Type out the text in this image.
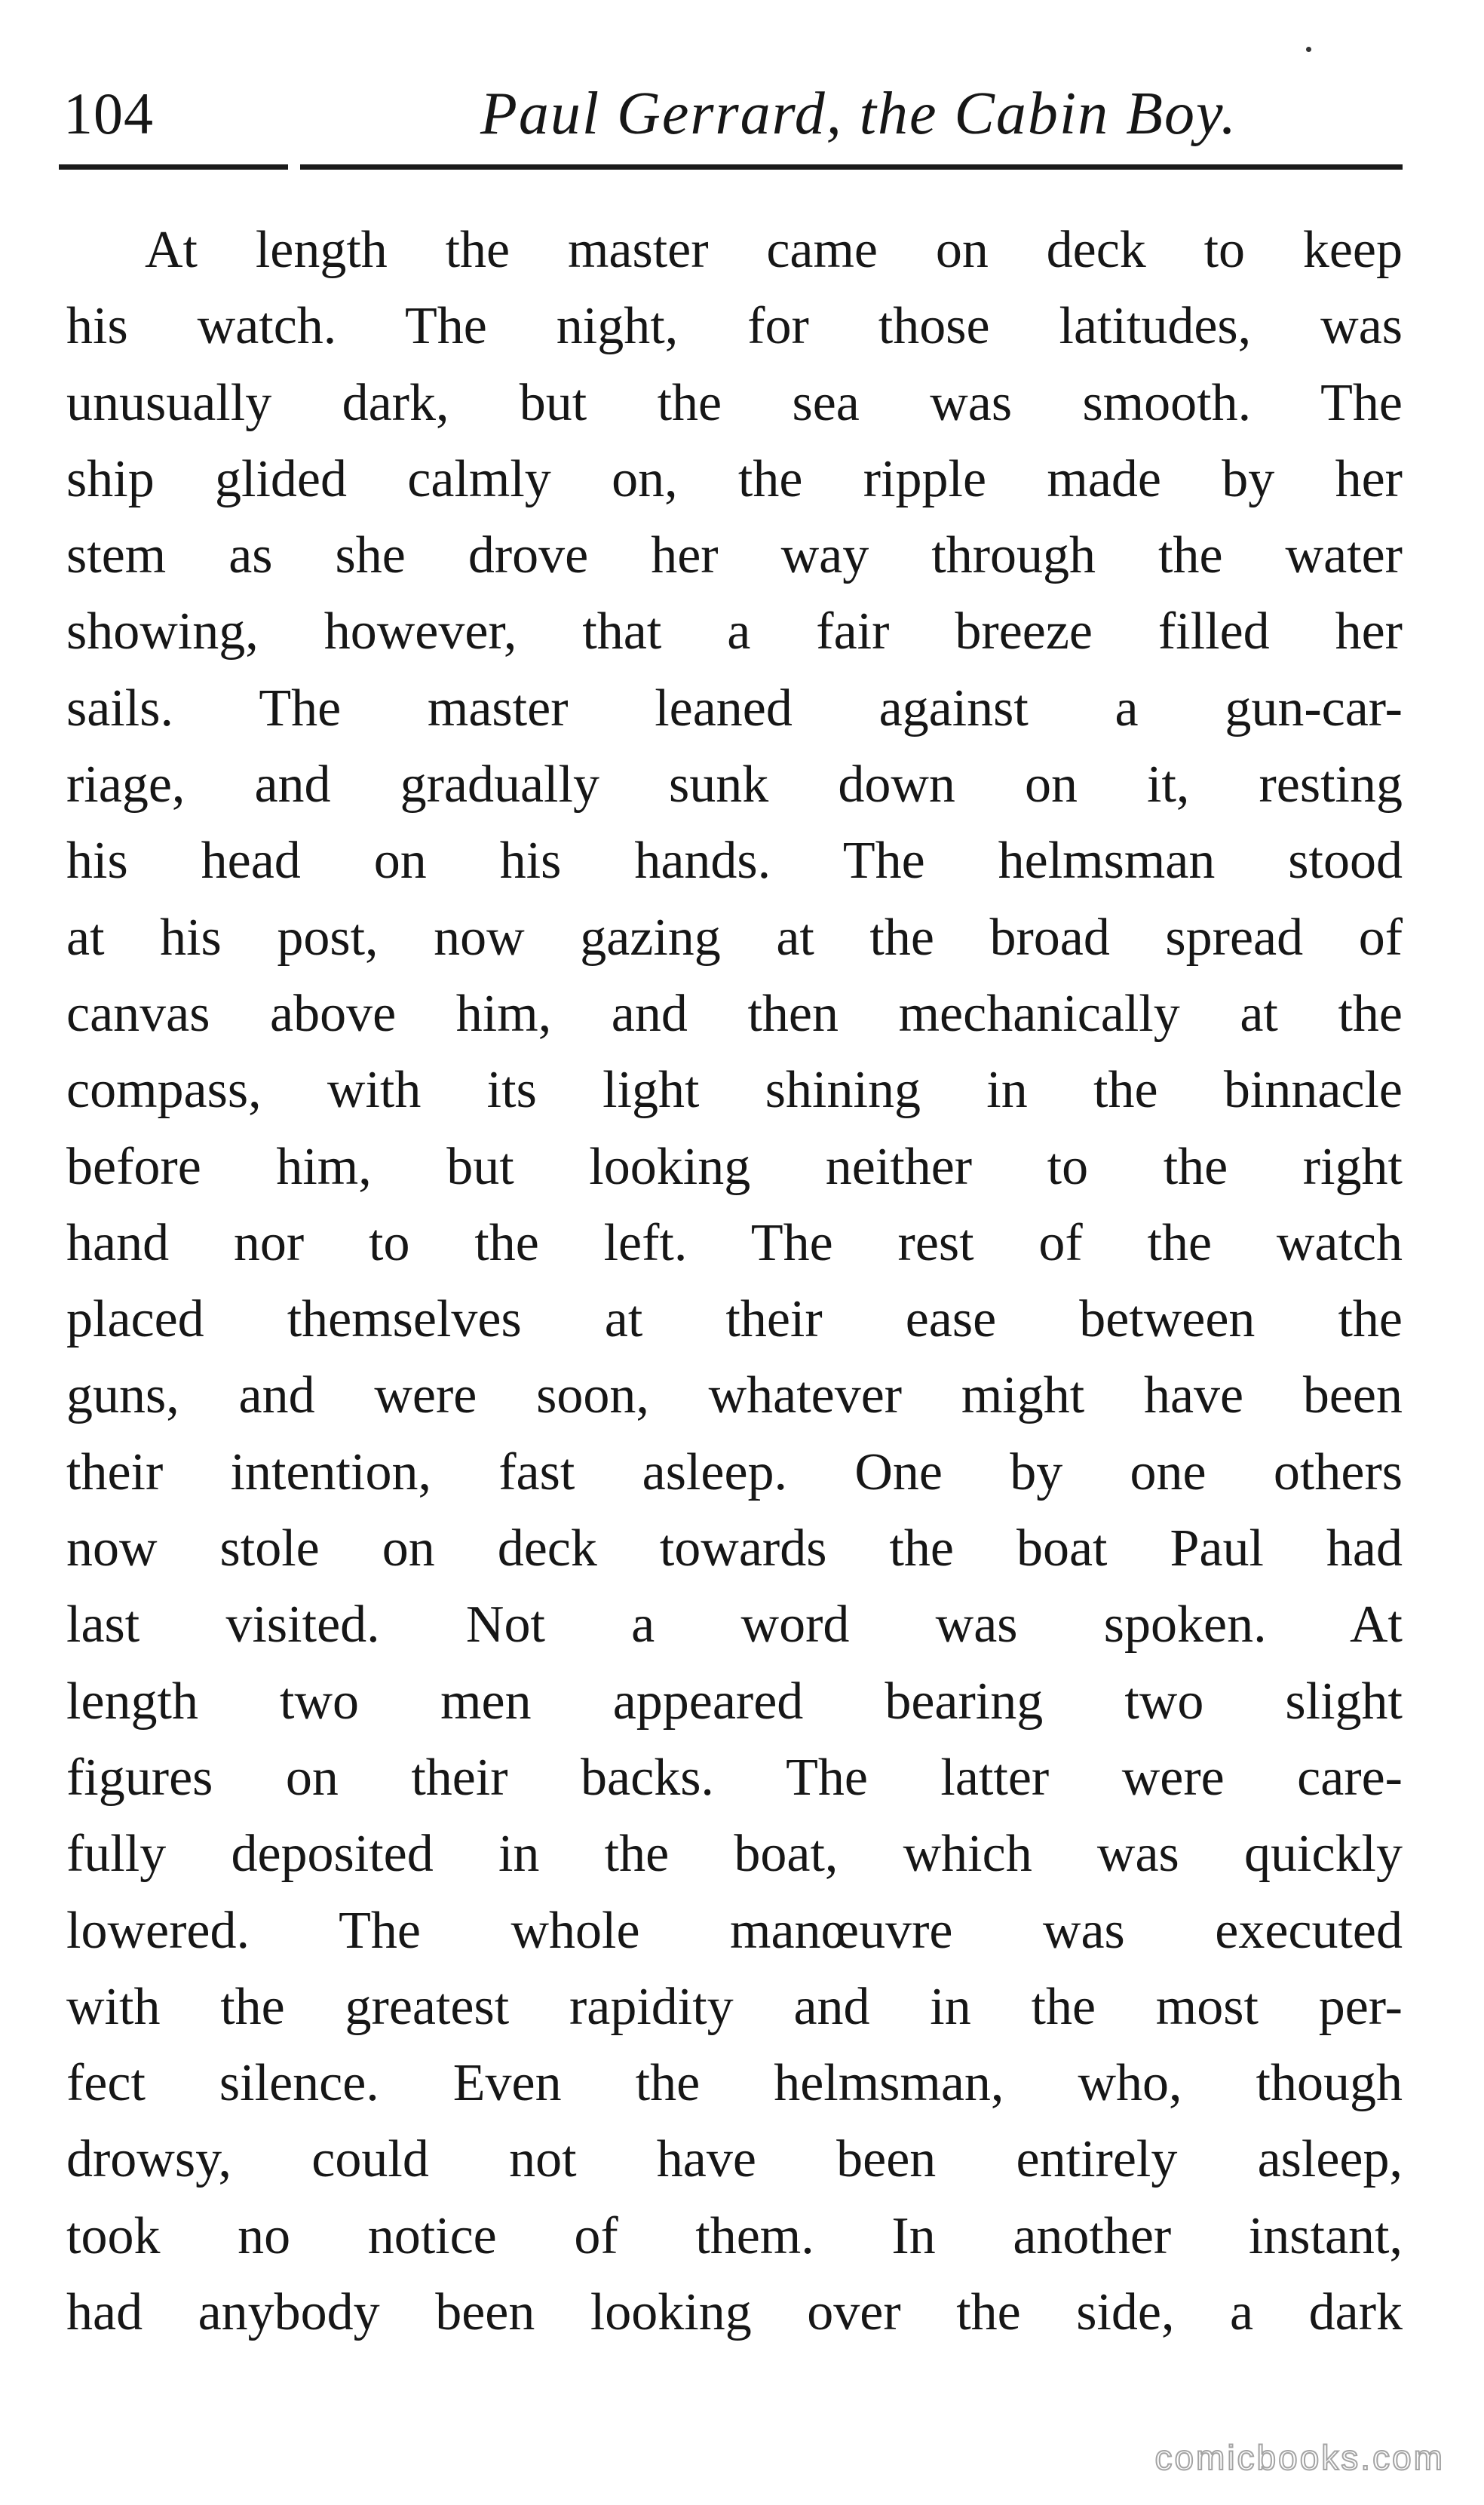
104	Paul Gerrard, the Cabin Boy.
At length the master came on deck to keep
his watch. The night, for those latitudes, was
unusually dark, but the sea was smooth. The
ship glided calmly on, the ripple made by her
stem as she drove her way through the water
showing, however, that a fair breeze filled her
sails. The master leaned against a gun-car-
riage, and gradually sunk down on it, resting
his head on his hands. The helmsman stood
at his post, now gazing at the broad spread of
canvas above him, and then mechanically at the
compass, with its light shining in the binnacle
before him, but looking neither to the right
hand nor to the left. The rest of the watch
placed themselves at their ease between the
guns, and were soon, whatever might have been
their intention, fast asleep. One by one others
now stole on deck towards the boat Paul had
last visited. Not a word was spoken. At
length two men appeared bearing two slight
figures on their backs. The latter were care-
fully deposited in the boat, which was quickly
lowered. The whole manœuvre was executed
with the greatest rapidity and in the most per-
fect silence. Even the helmsman, who, though
drowsy, could not have been entirely asleep,
took no notice of them. In another instant,
had anybody been looking over the side, a dark
comicbooks.com
